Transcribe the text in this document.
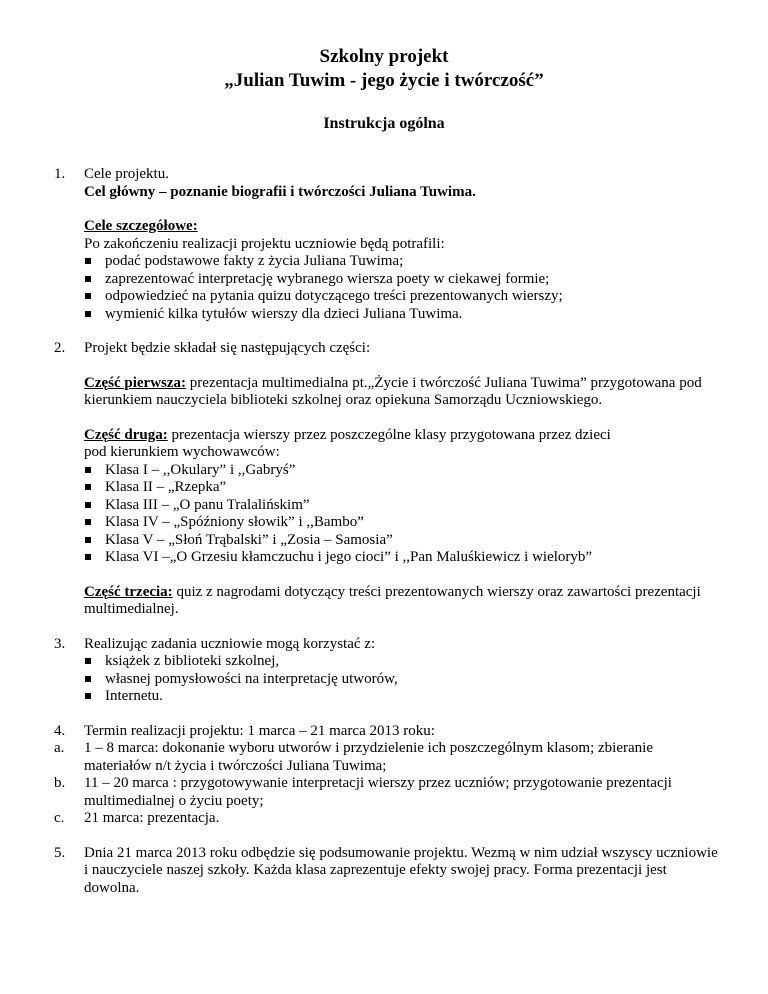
Szkolny projekt
„Julian Tuwim - jego życie i twórczość”
Instrukcja ogólna
1. Cele projektu.

Cel główny – poznanie biografii i twórczości Juliana Tuwima.

Cele szczegółowe:

Po zakończeniu realizacji projektu uczniowie będą potrafili:

podać podstawowe fakty z życia Juliana Tuwima;
zaprezentować interpretację wybranego wiersza poety w ciekawej formie;
odpowiedzieć na pytania quizu dotyczącego treści prezentowanych wierszy;
wymienić kilka tytułów wierszy dla dzieci Juliana Tuwima.
2. Projekt będzie składał się następujących części:

Część pierwsza: prezentacja multimedialna pt.„Życie i twórczość Juliana Tuwima” przygotowana pod kierunkiem nauczyciela biblioteki szkolnej oraz opiekuna Samorządu Uczniowskiego.

Część druga: prezentacja wierszy przez poszczególne klasy przygotowana przez dzieci

pod kierunkiem wychowawców:

Klasa I – ,,Okulary” i ,,Gabryś”
Klasa II – „Rzepka”
Klasa III – „O panu Tralalińskim”
Klasa IV – „Spóźniony słowik” i ,,Bambo”
Klasa V – „Słoń Trąbalski” i „Zosia – Samosia”
Klasa VI –„O Grzesiu kłamczuchu i jego cioci” i ,,Pan Maluśkiewicz i wieloryb”

Część trzecia: quiz z nagrodami dotyczący treści prezentowanych wierszy oraz zawartości prezentacji multimedialnej.

3. Realizując zadania uczniowie mogą korzystać z:

książek z biblioteki szkolnej,
własnej pomysłowości na interpretację utworów,
Internetu.
4. Termin realizacji projektu: 1 marca – 21 marca 2013 roku:

a. 1 – 8 marca: dokonanie wyboru utworów i przydzielenie ich poszczególnym klasom; zbieranie materiałów n/t życia i twórczości Juliana Tuwima;
b. 11 – 20 marca : przygotowywanie interpretacji wierszy przez uczniów; przygotowanie prezentacji multimedialnej o życiu poety;
c. 21 marca: prezentacja.
5. Dnia 21 marca 2013 roku odbędzie się podsumowanie projektu. Wezmą w nim udział wszyscy uczniowie i nauczyciele naszej szkoły. Każda klasa zaprezentuje efekty swojej pracy. Forma prezentacji jest dowolna.
